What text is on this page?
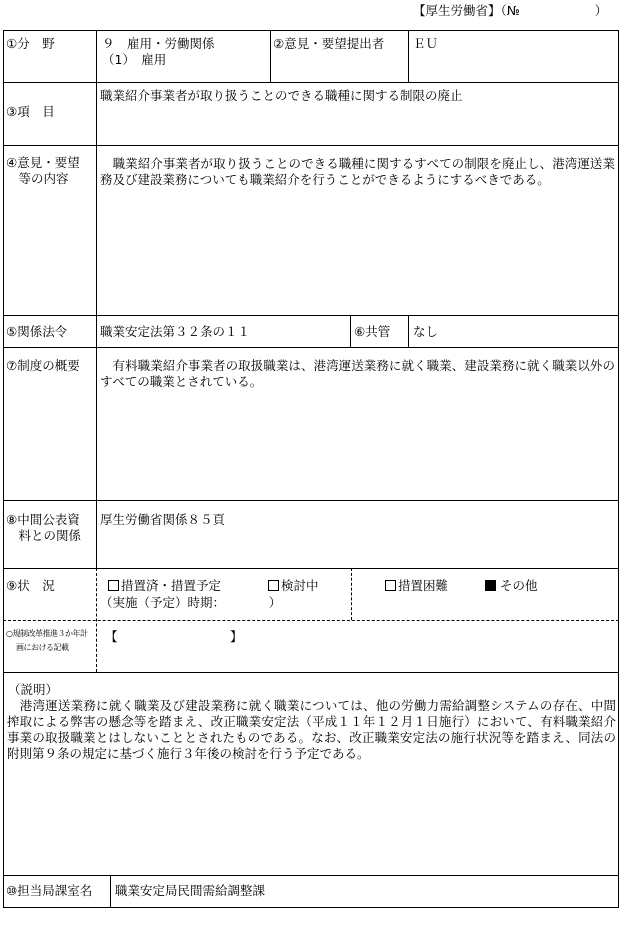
【厚生労働省】（№　　　　　　）
①分　野	９　雇用・労働関係
（1）　雇用
②意見・要望提出者 ＥＵ
③項　目
職業紹介事業者が取り扱うことのできる職種に関する制限の廃止
④意見・要望
　等の内容
　職業紹介事業者が取り扱うことのできる職種に関するすべての制限を廃止し、港湾運送業務及び建設業務についても職業紹介を行うことができるようにするべきである。
⑤関係法令	職業安定法第３２条の１１	⑥共管 なし
⑦制度の概要 　有料職業紹介事業者の取扱職業は、港湾運送業務に就く職業、建設業務に就く職業以外のすべての職業とされている。
⑧中間公表資
　料との関係
厚生労働省関係８５頁
⑨状　況	措置済・措置予定
（実施（予定）時期：　　　　）
検討中	措置困難	その他
○規制改革推進３か年計
画における記載
【　　　　　　　　　】
（説明）
　港湾運送業務に就く職業及び建設業務に就く職業については、他の労働力需給調整システムの存在、中間搾取による弊害の懸念等を踏まえ、改正職業安定法（平成１１年１２月１日施行）において、有料職業紹介事業の取扱職業とはしないこととされたものである。なお、改正職業安定法の施行状況等を踏まえ、同法の附則第９条の規定に基づく施行３年後の検討を行う予定である。
⑩担当局課室名 職業安定局民間需給調整課
